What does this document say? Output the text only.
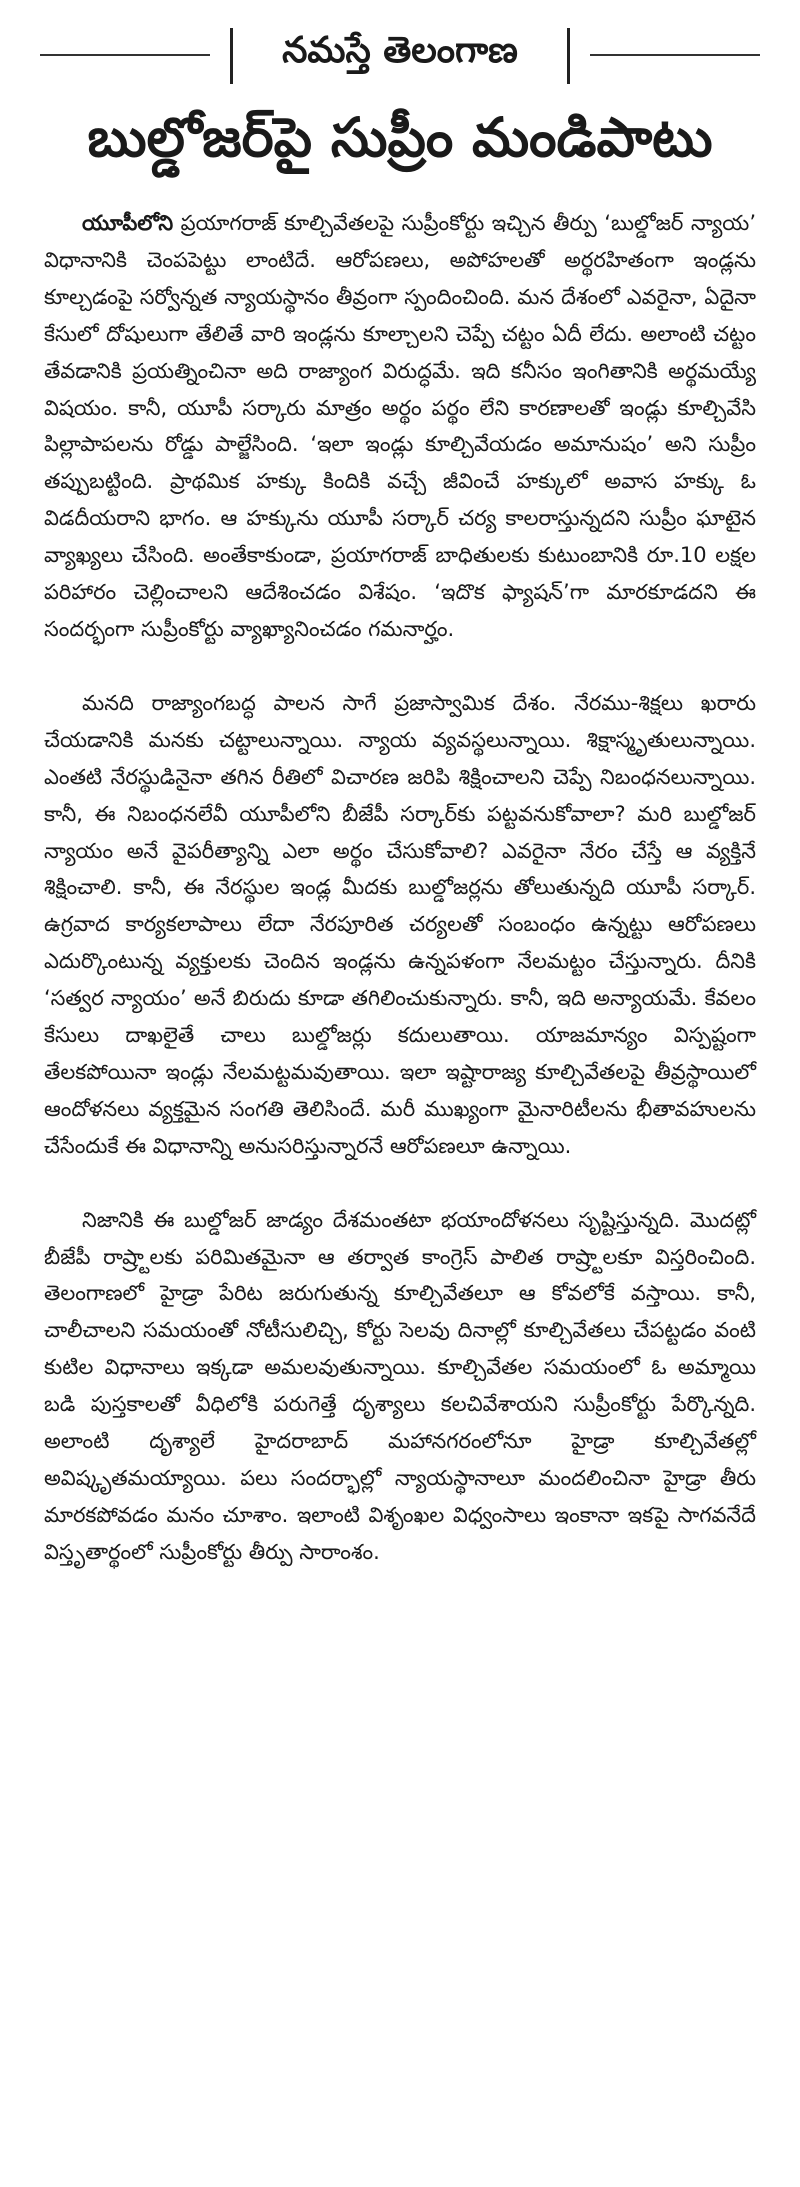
నమస్తే తెలంగాణ
బుల్డోజర్‌పై సుప్రీం మండిపాటు

యూపీలోని ప్రయాగరాజ్ కూల్చివేతలపై సుప్రీంకోర్టు ఇచ్చిన తీర్పు ‘బుల్డోజర్ న్యాయ’ విధానానికి చెంపపెట్టు లాంటిదే. ఆరోపణలు, అపోహలతో అర్థరహితంగా ఇండ్లను కూల్చడంపై సర్వోన్నత న్యాయస్థానం తీవ్రంగా స్పందించింది. మన దేశంలో ఎవరైనా, ఏదైనా కేసులో దోషులుగా తేలితే వారి ఇండ్లను కూల్చాలని చెప్పే చట్టం ఏదీ లేదు. అలాంటి చట్టం తేవడానికి ప్రయత్నించినా అది రాజ్యాంగ విరుద్ధమే. ఇది కనీసం ఇంగితానికి అర్థమయ్యే విషయం. కానీ, యూపీ సర్కారు మాత్రం అర్థం పర్థం లేని కారణాలతో ఇండ్లు కూల్చివేసి పిల్లాపాపలను రోడ్డు పాల్జేసింది. ‘ఇలా ఇండ్లు కూల్చివేయడం అమానుషం’ అని సుప్రీం తప్పుబట్టింది. ప్రాథమిక హక్కు కిందికి వచ్చే జీవించే హక్కులో అవాస హక్కు ఓ విడదీయరాని భాగం. ఆ హక్కును యూపీ సర్కార్ చర్య కాలరాస్తున్నదని సుప్రీం ఘాటైన వ్యాఖ్యలు చేసింది. అంతేకాకుండా, ప్రయాగరాజ్ బాధితులకు కుటుంబానికి రూ.10 లక్షల పరిహారం చెల్లించాలని ఆదేశించడం విశేషం. ‘ఇదొక ఫ్యాషన్’గా మారకూడదని ఈ సందర్భంగా సుప్రీంకోర్టు వ్యాఖ్యానించడం గమనార్హం.

మనది రాజ్యాంగబద్ధ పాలన సాగే ప్రజాస్వామిక దేశం. నేరము-శిక్షలు ఖరారు చేయడానికి మనకు చట్టాలున్నాయి. న్యాయ వ్యవస్థలున్నాయి. శిక్షాస్మృతులున్నాయి. ఎంతటి నేరస్థుడినైనా తగిన రీతిలో విచారణ జరిపి శిక్షించాలని చెప్పే నిబంధనలున్నాయి. కానీ, ఈ నిబంధనలేవీ యూపీలోని బీజేపీ సర్కార్‌కు పట్టవనుకోవాలా? మరి బుల్డోజర్ న్యాయం అనే వైపరీత్యాన్ని ఎలా అర్థం చేసుకోవాలి? ఎవరైనా నేరం చేస్తే ఆ వ్యక్తినే శిక్షించాలి. కానీ, ఈ నేరస్థుల ఇండ్ల మీదకు బుల్డోజర్లను తోలుతున్నది యూపీ సర్కార్. ఉగ్రవాద కార్యకలాపాలు లేదా నేరపూరిత చర్యలతో సంబంధం ఉన్నట్టు ఆరోపణలు ఎదుర్కొంటున్న వ్యక్తులకు చెందిన ఇండ్లను ఉన్నపళంగా నేలమట్టం చేస్తున్నారు. దీనికి ‘సత్వర న్యాయం’ అనే బిరుదు కూడా తగిలించుకున్నారు. కానీ, ఇది అన్యాయమే. కేవలం కేసులు దాఖలైతే చాలు బుల్డోజర్లు కదులుతాయి. యాజమాన్యం విస్పష్టంగా తేలకపోయినా ఇండ్లు నేలమట్టమవుతాయి. ఇలా ఇష్టారాజ్య కూల్చివేతలపై తీవ్రస్థాయిలో ఆందోళనలు వ్యక్తమైన సంగతి తెలిసిందే. మరీ ముఖ్యంగా మైనారిటీలను భీతావహులను చేసేందుకే ఈ విధానాన్ని అనుసరిస్తున్నారనే ఆరోపణలూ ఉన్నాయి.

నిజానికి ఈ బుల్డోజర్ జాడ్యం దేశమంతటా భయాందోళనలు సృష్టిస్తున్నది. మొదట్లో బీజేపీ రాష్ర్టాలకు పరిమితమైనా ఆ తర్వాత కాంగ్రెస్ పాలిత రాష్ర్టాలకూ విస్తరించింది. తెలంగాణలో హైడ్రా పేరిట జరుగుతున్న కూల్చివేతలూ ఆ కోవలోకే వస్తాయి. కానీ, చాలీచాలని సమయంతో నోటీసులిచ్చి, కోర్టు సెలవు దినాల్లో కూల్చివేతలు చేపట్టడం వంటి కుటిల విధానాలు ఇక్కడా అమలవుతున్నాయి. కూల్చివేతల సమయంలో ఓ అమ్మాయి బడి పుస్తకాలతో వీధిలోకి పరుగెత్తే దృశ్యాలు కలచివేశాయని సుప్రీంకోర్టు పేర్కొన్నది. అలాంటి దృశ్యాలే హైదరాబాద్ మహానగరంలోనూ హైడ్రా కూల్చివేతల్లో అవిష్కృతమయ్యాయి. పలు సందర్భాల్లో న్యాయస్థానాలూ మందలించినా హైడ్రా తీరు మారకపోవడం మనం చూశాం. ఇలాంటి విశృంఖల విధ్వంసాలు ఇంకానా ఇకపై సాగవనేదే విస్తృతార్థంలో సుప్రీంకోర్టు తీర్పు సారాంశం.
